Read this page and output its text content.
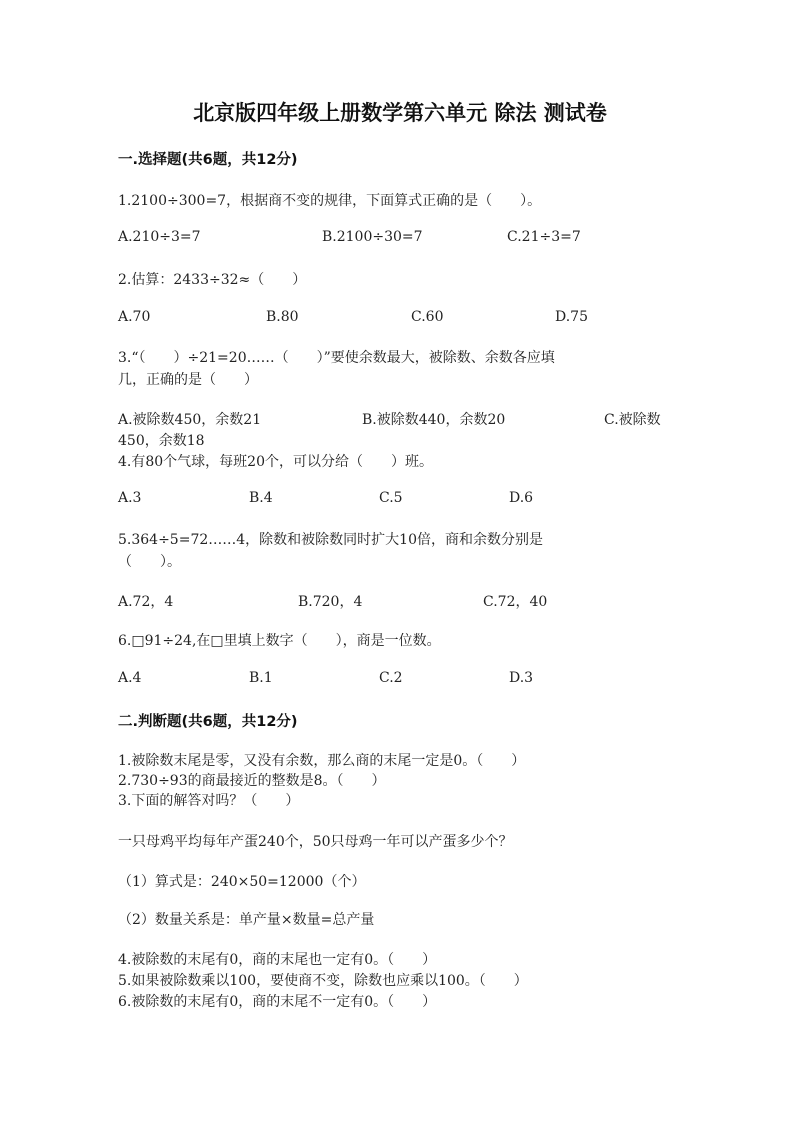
北京版四年级上册数学第六单元 除法 测试卷
一.选择题(共6题，共12分)
1.2100÷300=7，根据商不变的规律，下面算式正确的是（　　）。
A.210÷3=7	B.2100÷30=7	C.21÷3=7
2.估算：2433÷32≈（　　）
A.70	B.80	C.60	D.75
3.“（　　）÷21=20……（　　）”要使余数最大，被除数、余数各应填
几，正确的是（　　）
A.被除数450，余数21	B.被除数440，余数20	C.被除数
450，余数18
4.有80个气球，每班20个，可以分给（　　）班。
A.3	B.4	C.5	D.6
5.364÷5=72……4，除数和被除数同时扩大10倍，商和余数分别是
（　　）。
A.72，4	B.720，4	C.72，40
6.□91÷24,在□里填上数字（　　），商是一位数。
A.4	B.1	C.2	D.3
二.判断题(共6题，共12分)
1.被除数末尾是零，又没有余数，那么商的末尾一定是0。（　　）
2.730÷93的商最接近的整数是8。（　　）
3.下面的解答对吗？（　　）
一只母鸡平均每年产蛋240个，50只母鸡一年可以产蛋多少个？
（1）算式是：240×50=12000（个）
（2）数量关系是：单产量×数量=总产量
4.被除数的末尾有0，商的末尾也一定有0。（　　）
5.如果被除数乘以100，要使商不变，除数也应乘以100。（　　）
6.被除数的末尾有0，商的末尾不一定有0。（　　）
